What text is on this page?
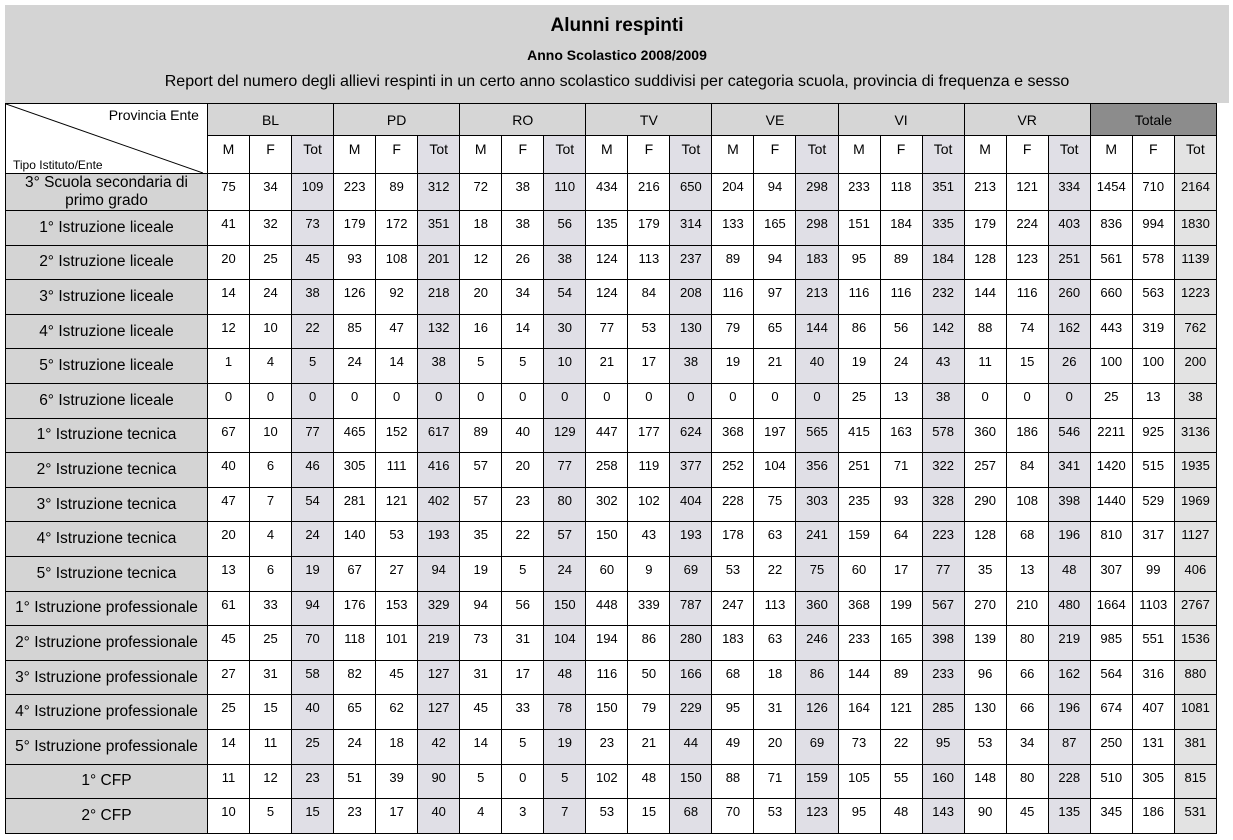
Alunni respinti
Anno Scolastico 2008/2009
Report del numero degli allievi respinti in un certo anno scolastico suddivisi per categoria scuola, provincia di frequenza e sesso
Provincia Ente
Tipo Istituto/Ente	BL			PD			RO			TV			VE			VI			VR			Totale		
	M	F	Tot	M	F	Tot	M	F	Tot	M	F	Tot	M	F	Tot	M	F	Tot	M	F	Tot	M	F	Tot
3° Scuola secondaria di primo grado	75	34	109	223	89	312	72	38	110	434	216	650	204	94	298	233	118	351	213	121	334	1454	710	2164
1° Istruzione liceale	41	32	73	179	172	351	18	38	56	135	179	314	133	165	298	151	184	335	179	224	403	836	994	1830
2° Istruzione liceale	20	25	45	93	108	201	12	26	38	124	113	237	89	94	183	95	89	184	128	123	251	561	578	1139
3° Istruzione liceale	14	24	38	126	92	218	20	34	54	124	84	208	116	97	213	116	116	232	144	116	260	660	563	1223
4° Istruzione liceale	12	10	22	85	47	132	16	14	30	77	53	130	79	65	144	86	56	142	88	74	162	443	319	762
5° Istruzione liceale	1	4	5	24	14	38	5	5	10	21	17	38	19	21	40	19	24	43	11	15	26	100	100	200
6° Istruzione liceale	0	0	0	0	0	0	0	0	0	0	0	0	0	0	0	25	13	38	0	0	0	25	13	38
1° Istruzione tecnica	67	10	77	465	152	617	89	40	129	447	177	624	368	197	565	415	163	578	360	186	546	2211	925	3136
2° Istruzione tecnica	40	6	46	305	111	416	57	20	77	258	119	377	252	104	356	251	71	322	257	84	341	1420	515	1935
3° Istruzione tecnica	47	7	54	281	121	402	57	23	80	302	102	404	228	75	303	235	93	328	290	108	398	1440	529	1969
4° Istruzione tecnica	20	4	24	140	53	193	35	22	57	150	43	193	178	63	241	159	64	223	128	68	196	810	317	1127
5° Istruzione tecnica	13	6	19	67	27	94	19	5	24	60	9	69	53	22	75	60	17	77	35	13	48	307	99	406
1° Istruzione professionale	61	33	94	176	153	329	94	56	150	448	339	787	247	113	360	368	199	567	270	210	480	1664	1103	2767
2° Istruzione professionale	45	25	70	118	101	219	73	31	104	194	86	280	183	63	246	233	165	398	139	80	219	985	551	1536
3° Istruzione professionale	27	31	58	82	45	127	31	17	48	116	50	166	68	18	86	144	89	233	96	66	162	564	316	880
4° Istruzione professionale	25	15	40	65	62	127	45	33	78	150	79	229	95	31	126	164	121	285	130	66	196	674	407	1081
5° Istruzione professionale	14	11	25	24	18	42	14	5	19	23	21	44	49	20	69	73	22	95	53	34	87	250	131	381
1° CFP	11	12	23	51	39	90	5	0	5	102	48	150	88	71	159	105	55	160	148	80	228	510	305	815
2° CFP	10	5	15	23	17	40	4	3	7	53	15	68	70	53	123	95	48	143	90	45	135	345	186	531
